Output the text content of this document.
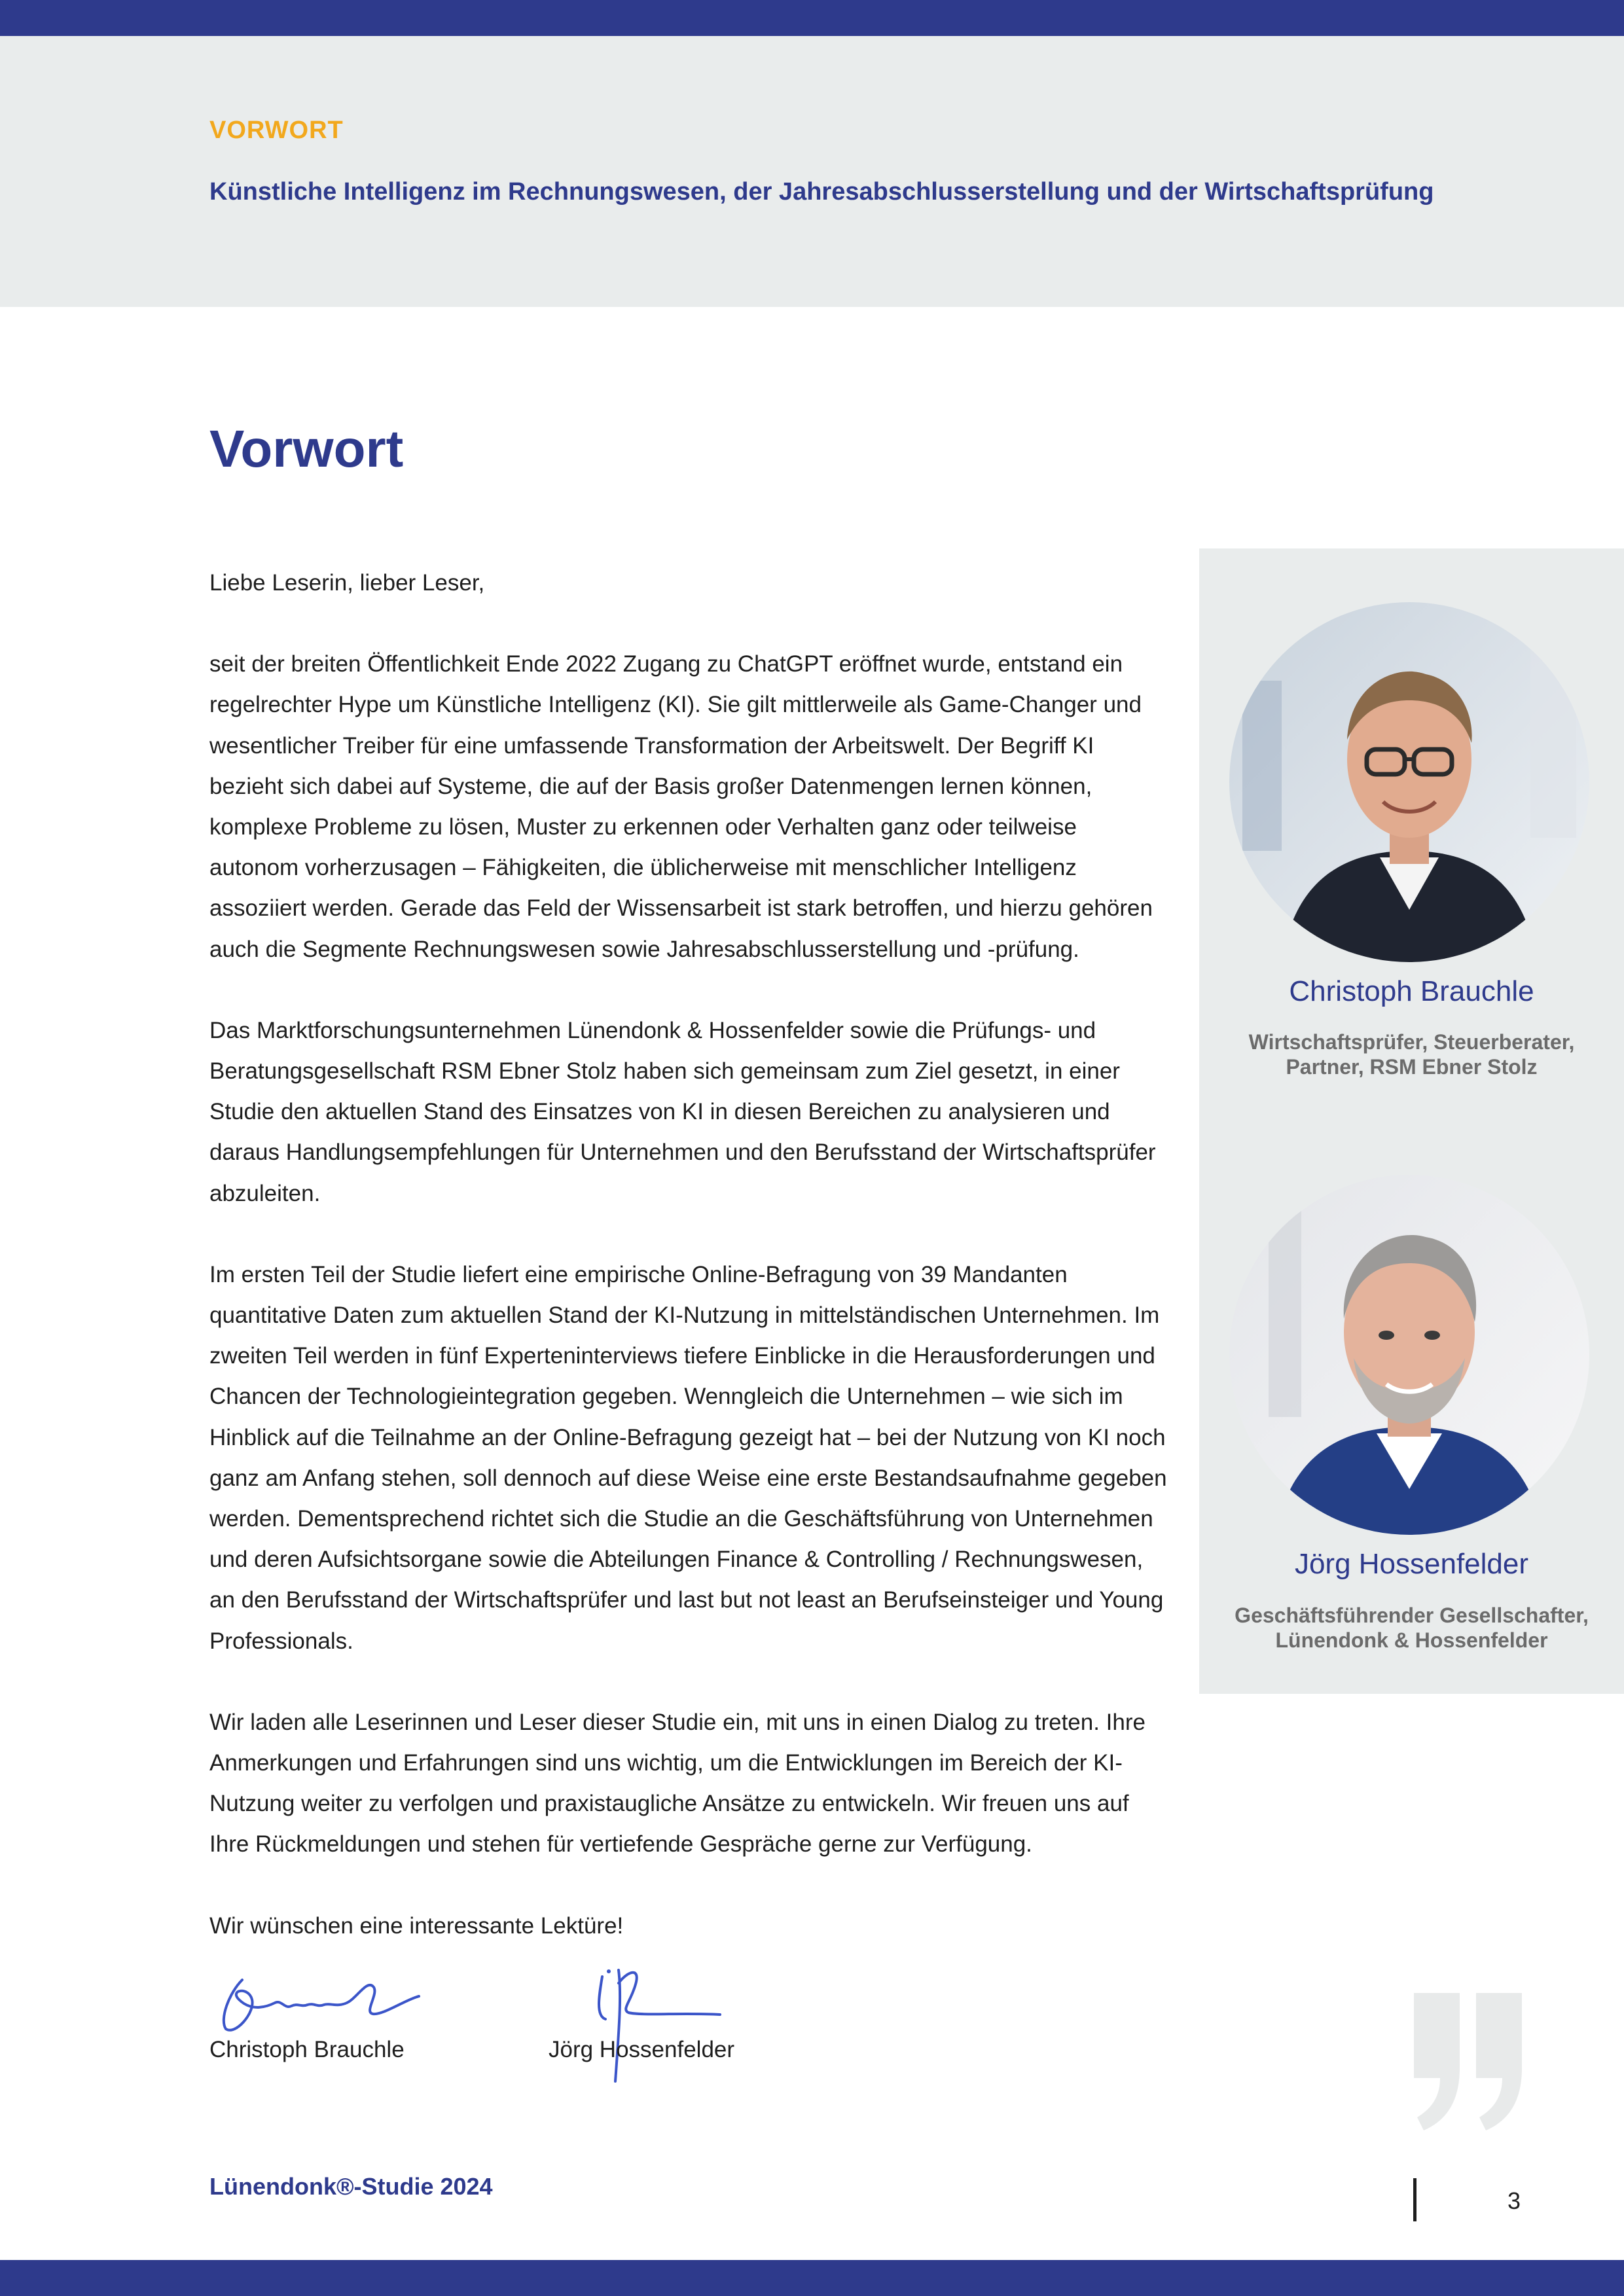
VORWORT
Künstliche Intelligenz im Rechnungswesen, der Jahresabschlusserstellung und der Wirtschaftsprüfung
Vorwort

Liebe Leserin, lieber Leser,

seit der breiten Öffentlichkeit Ende 2022 Zugang zu ChatGPT eröffnet wurde, entstand ein regelrechter Hype um Künstliche Intelligenz (KI). Sie gilt mittlerweile als Game-Changer und wesentlicher Treiber für eine umfassende Transformation der Arbeitswelt. Der Begriff KI bezieht sich dabei auf Systeme, die auf der Basis großer Datenmengen lernen können, komplexe Probleme zu lösen, Muster zu erkennen oder Verhalten ganz oder teilweise autonom vorherzusagen – Fähigkeiten, die üblicherweise mit menschlicher Intelligenz assoziiert werden. Gerade das Feld der Wissensarbeit ist stark betroffen, und hierzu gehören auch die Segmente Rechnungswesen sowie Jahresabschlusserstellung und -prüfung.

Das Marktforschungsunternehmen Lünendonk & Hossenfelder sowie die Prüfungs- und Beratungsgesellschaft RSM Ebner Stolz haben sich gemeinsam zum Ziel gesetzt, in einer Studie den aktuellen Stand des Einsatzes von KI in diesen Bereichen zu analysieren und daraus Handlungsempfehlungen für Unternehmen und den Berufsstand der Wirtschaftsprüfer abzuleiten.

Im ersten Teil der Studie liefert eine empirische Online-Befragung von 39 Mandanten quantitative Daten zum aktuellen Stand der KI-Nutzung in mittelständischen Unternehmen. Im zweiten Teil werden in fünf Experteninterviews tiefere Einblicke in die Herausforderungen und Chancen der Technologieintegration gegeben. Wenngleich die Unternehmen – wie sich im Hinblick auf die Teilnahme an der Online-Befragung gezeigt hat – bei der Nutzung von KI noch ganz am Anfang stehen, soll dennoch auf diese Weise eine erste Bestandsaufnahme gegeben werden. Dementsprechend richtet sich die Studie an die Geschäftsführung von Unternehmen und deren Aufsichtsorgane sowie die Abteilungen Finance & Controlling / Rechnungswesen, an den Berufsstand der Wirtschaftsprüfer und last but not least an Berufseinsteiger und Young Professionals.

Wir laden alle Leserinnen und Leser dieser Studie ein, mit uns in einen Dialog zu treten. Ihre Anmerkungen und Erfahrungen sind uns wichtig, um die Entwicklungen im Bereich der KI-Nutzung weiter zu verfolgen und praxistaugliche Ansätze zu entwickeln. Wir freuen uns auf Ihre Rückmeldungen und stehen für vertiefende Gespräche gerne zur Verfügung.

Wir wünschen eine interessante Lektüre!

Christoph Brauchle	Jörg Hossenfelder
Christoph Brauchle
Wirtschaftsprüfer, Steuerberater,
Partner, RSM Ebner Stolz
Jörg Hossenfelder
Geschäftsführender Gesellschafter,
Lünendonk & Hossenfelder
Lünendonk®-Studie 2024
3
